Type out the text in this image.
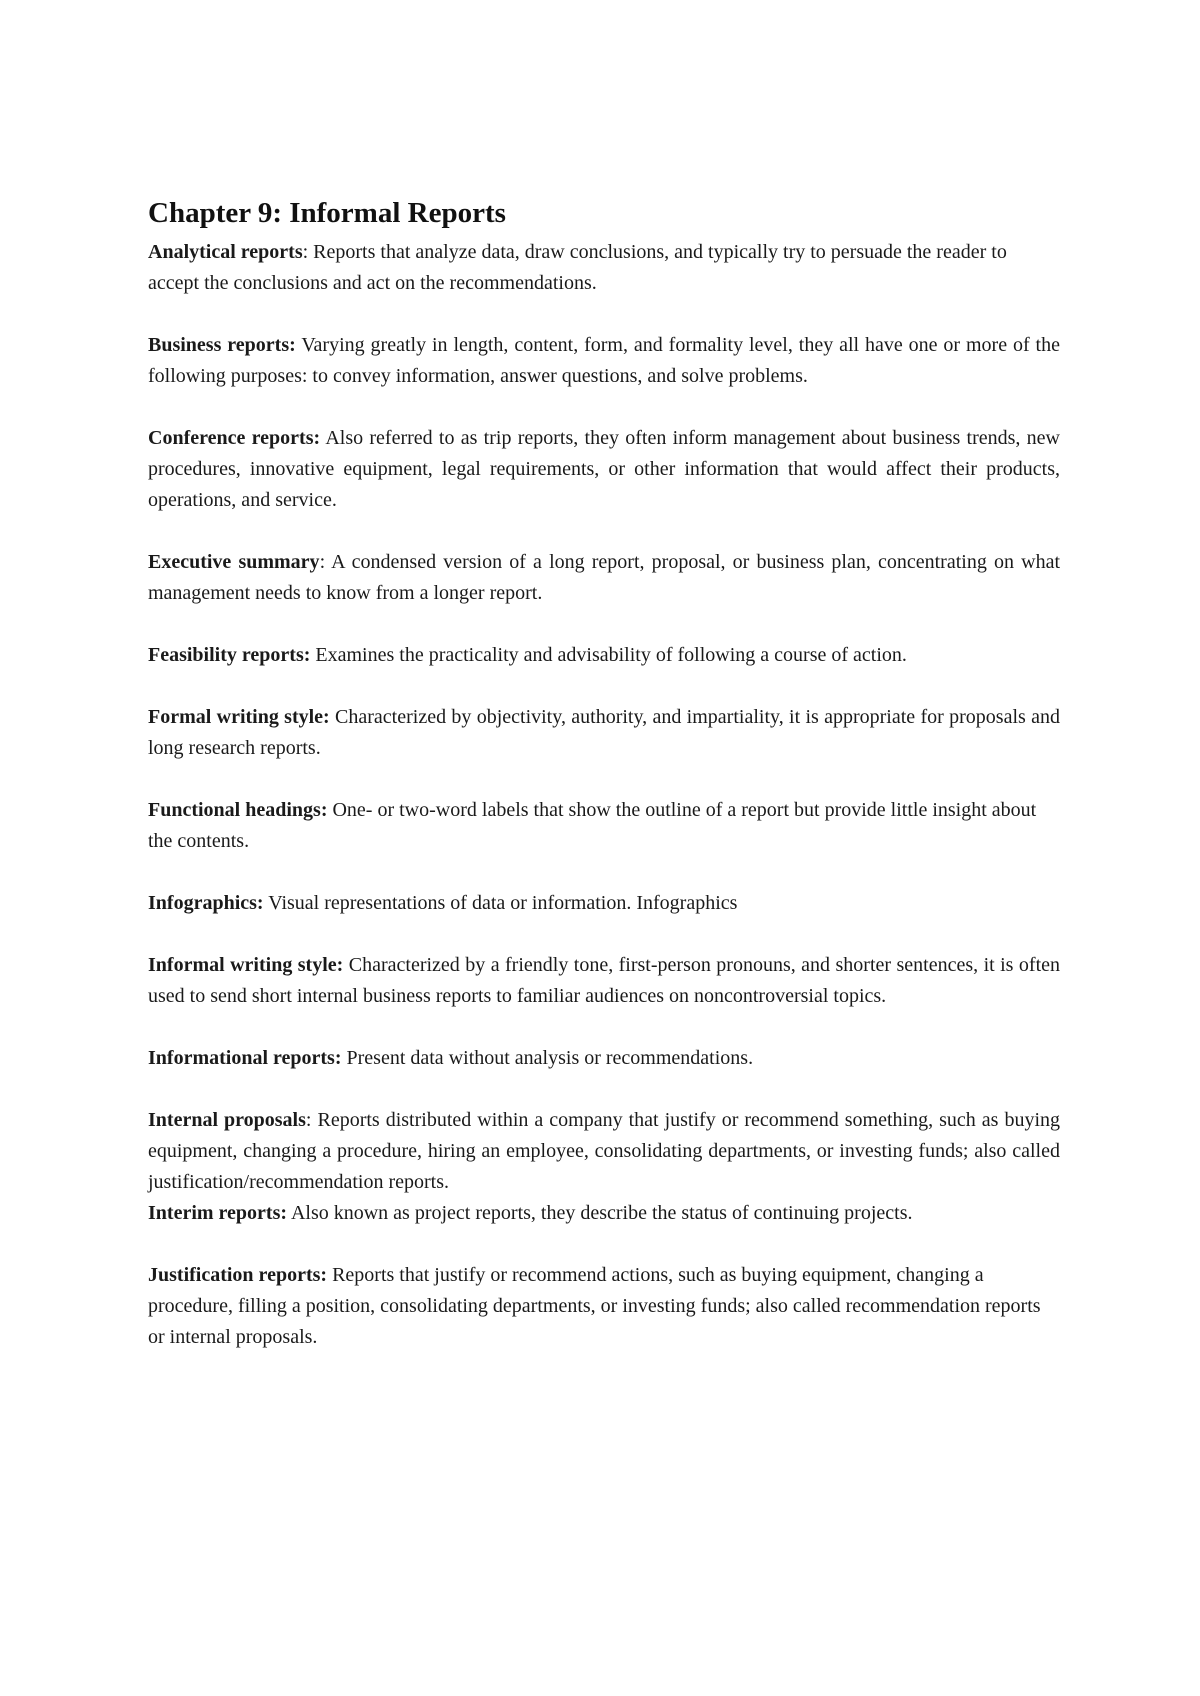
Chapter 9: Informal Reports

Analytical reports: Reports that analyze data, draw conclusions, and typically try to persuade the reader to accept the conclusions and act on the recommendations.

Business reports: Varying greatly in length, content, form, and formality level, they all have one or more of the following purposes: to convey information, answer questions, and solve problems.

Conference reports: Also referred to as trip reports, they often inform management about business trends, new procedures, innovative equipment, legal requirements, or other information that would affect their products, operations, and service.

Executive summary: A condensed version of a long report, proposal, or business plan, concentrating on what management needs to know from a longer report.

Feasibility reports: Examines the practicality and advisability of following a course of action.

Formal writing style: Characterized by objectivity, authority, and impartiality, it is appropriate for proposals and long research reports.

Functional headings: One- or two-word labels that show the outline of a report but provide little insight about the contents.

Infographics: Visual representations of data or information. Infographics

Informal writing style: Characterized by a friendly tone, first-person pronouns, and shorter sentences, it is often used to send short internal business reports to familiar audiences on noncontroversial topics.

Informational reports: Present data without analysis or recommendations.

Internal proposals: Reports distributed within a company that justify or recommend something, such as buying equipment, changing a procedure, hiring an employee, consolidating departments, or investing funds; also called justification/recommendation reports.

Interim reports: Also known as project reports, they describe the status of continuing projects.

Justification reports: Reports that justify or recommend actions, such as buying equipment, changing a procedure, filling a position, consolidating departments, or investing funds; also called recommendation reports or internal proposals.
